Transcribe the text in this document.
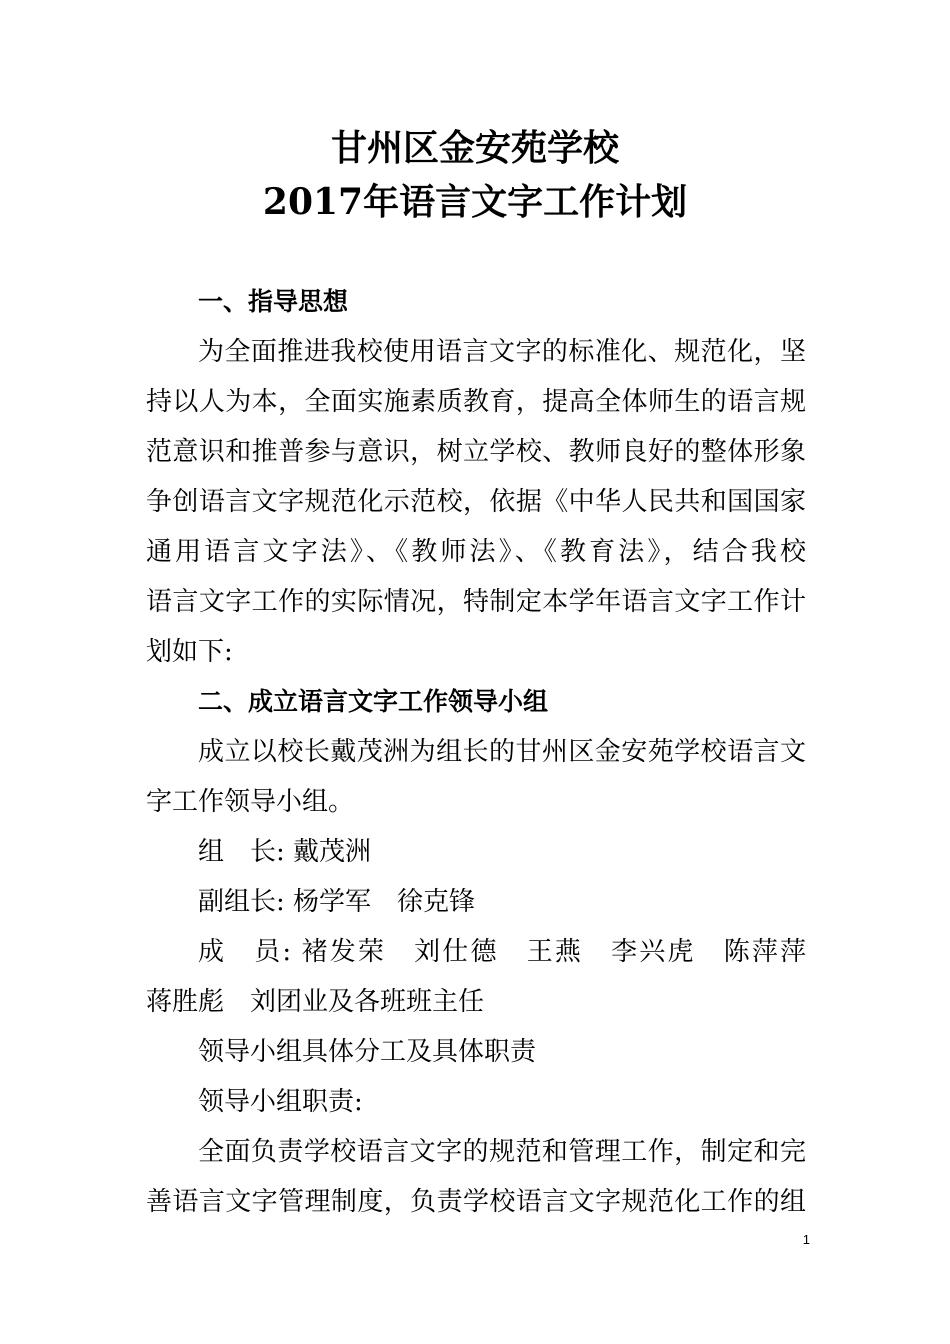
甘州区金安苑学校
2017年语言文字工作计划
一、指导思想
为全面推进我校使用语言文字的标准化、规范化，坚
持以人为本，全面实施素质教育，提高全体师生的语言规
范意识和推普参与意识，树立学校、教师良好的整体形象
争创语言文字规范化示范校，依据《中华人民共和国国家
通用语言文字法》、《教师法》、《教育法》，结合我校
语言文字工作的实际情况，特制定本学年语言文字工作计
划如下:
二、成立语言文字工作领导小组
成立以校长戴茂洲为组长的甘州区金安苑学校语言文
字工作领导小组。
组　长: 戴茂洲
副组长: 杨学军　徐克锋
成　员: 褚发荣　刘仕德　王燕　李兴虎　陈萍萍
蒋胜彪　刘团业及各班班主任
领导小组具体分工及具体职责
领导小组职责:
全面负责学校语言文字的规范和管理工作，制定和完
善语言文字管理制度，负责学校语言文字规范化工作的组
1
